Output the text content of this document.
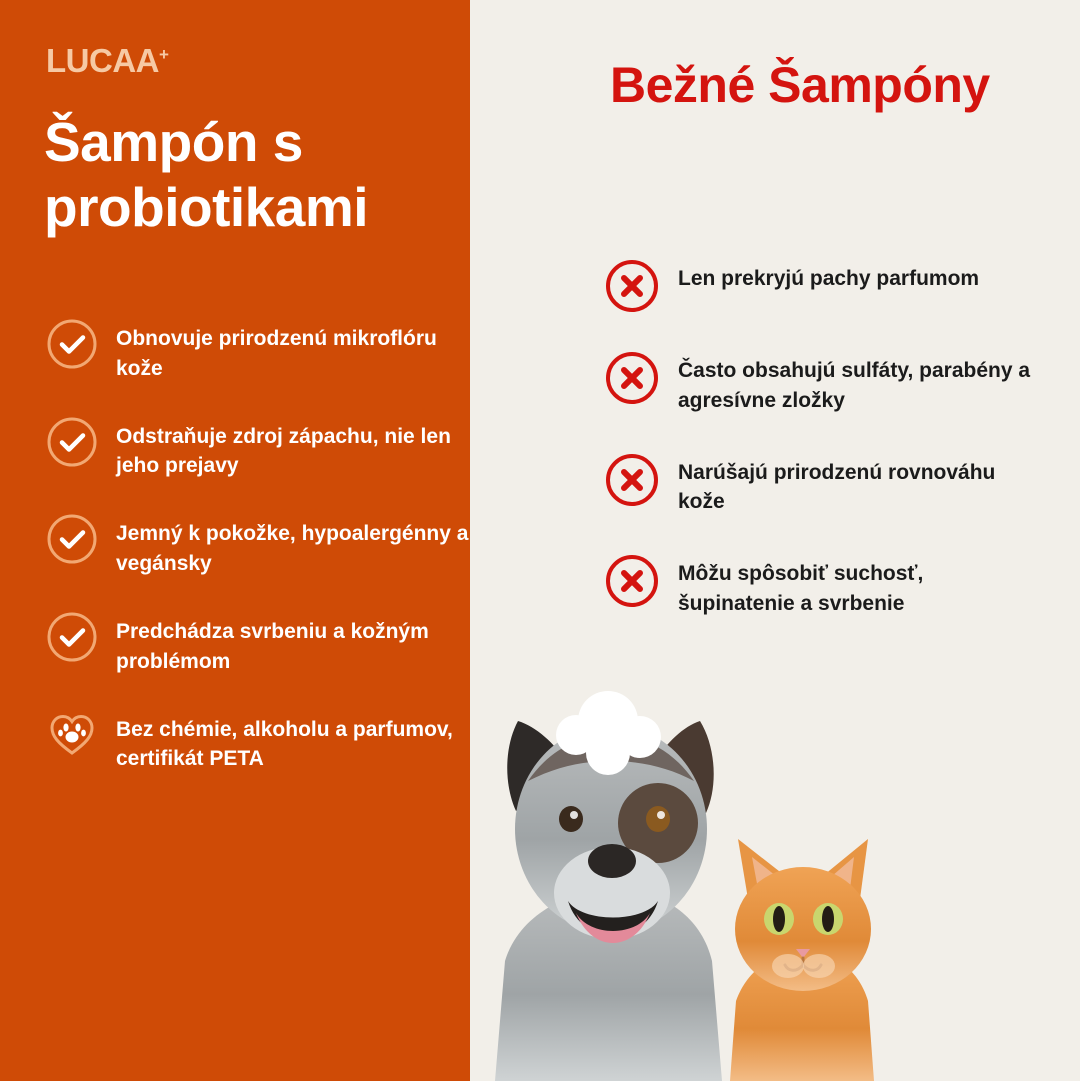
LUCAA+
Šampón s probiotikami
Bežné Šampóny
Obnovuje prirodzenú mikroflóru kože
Odstraňuje zdroj zápachu, nie len jeho prejavy
Jemný k pokožke, hypoalergénny a vegánsky
Predchádza svrbeniu a kožným problémom
Bez chémie, alkoholu a parfumov, certifikát PETA
Len prekryjú pachy parfumom
Často obsahujú sulfáty, parabény a agresívne zložky
Narúšajú prirodzenú rovnováhu kože
Môžu spôsobiť suchosť, šupinatenie a svrbenie
